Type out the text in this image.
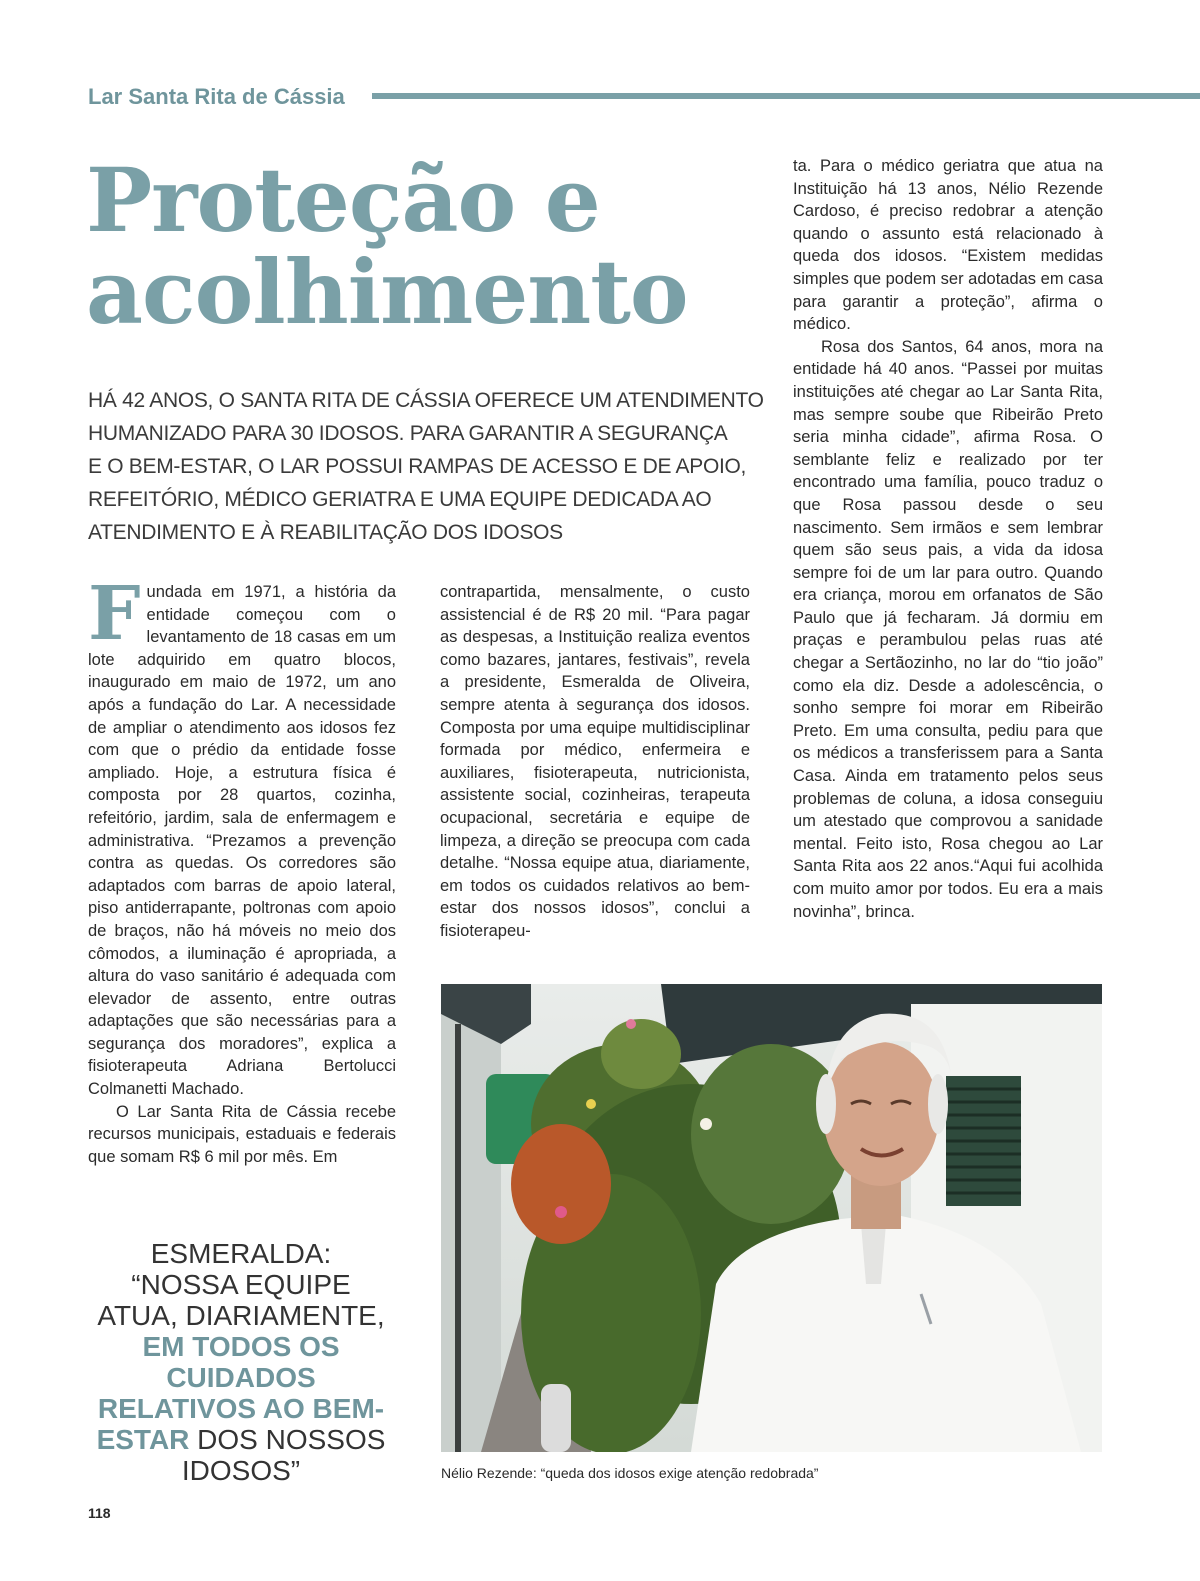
Lar Santa Rita de Cássia
Proteção e
acolhimento
HÁ 42 ANOS, O SANTA RITA DE CÁSSIA OFERECE UM ATENDIMENTO
HUMANIZADO PARA 30 IDOSOS. PARA GARANTIR A SEGURANÇA
E O BEM-ESTAR, O LAR POSSUI RAMPAS DE ACESSO E DE APOIO,
REFEITÓRIO, MÉDICO GERIATRA E UMA EQUIPE DEDICADA AO
ATENDIMENTO E À REABILITAÇÃO DOS IDOSOS

Fundada em 1971, a história da entidade começou com o levantamento de 18 casas em um lote adquirido em quatro blocos, inaugurado em maio de 1972, um ano após a fundação do Lar. A necessidade de ampliar o atendimento aos idosos fez com que o prédio da entidade fosse ampliado. Hoje, a estrutura física é composta por 28 quartos, cozinha, refeitório, jardim, sala de enfermagem e administrativa. “Prezamos a prevenção contra as quedas. Os corredores são adaptados com barras de apoio lateral, piso antiderrapante, poltronas com apoio de braços, não há móveis no meio dos cômodos, a iluminação é apropriada, a altura do vaso sanitário é adequada com elevador de assento, entre outras adaptações que são necessárias para a segurança dos moradores”, explica a fisioterapeuta Adriana Bertolucci Colmanetti Machado.

O Lar Santa Rita de Cássia recebe recursos municipais, estaduais e federais que somam R$ 6 mil por mês. Em

contrapartida, mensalmente, o custo assistencial é de R$ 20 mil. “Para pagar as despesas, a Instituição realiza eventos como bazares, jantares, festivais”, revela a presidente, Esmeralda de Oliveira, sempre atenta à segurança dos idosos. Composta por uma equipe multidisciplinar formada por médico, enfermeira e auxiliares, fisioterapeuta, nutricionista, assistente social, cozinheiras, terapeuta ocupacional, secretária e equipe de limpeza, a direção se preocupa com cada detalhe. “Nossa equipe atua, diariamente, em todos os cuidados relativos ao bem-estar dos nossos idosos”, conclui a fisioterapeu-

ta. Para o médico geriatra que atua na Instituição há 13 anos, Nélio Rezende Cardoso, é preciso redobrar a atenção quando o assunto está relacionado à queda dos idosos. “Existem medidas simples que podem ser adotadas em casa para garantir a proteção”, afirma o médico.

Rosa dos Santos, 64 anos, mora na entidade há 40 anos. “Passei por muitas instituições até chegar ao Lar Santa Rita, mas sempre soube que Ribeirão Preto seria minha cidade”, afirma Rosa. O semblante feliz e realizado por ter encontrado uma família, pouco traduz o que Rosa passou desde o seu nascimento. Sem irmãos e sem lembrar quem são seus pais, a vida da idosa sempre foi de um lar para outro. Quando era criança, morou em orfanatos de São Paulo que já fecharam. Já dormiu em praças e perambulou pelas ruas até chegar a Sertãozinho, no lar do “tio joão” como ela diz. Desde a adolescência, o sonho sempre foi morar em Ribeirão Preto. Em uma consulta, pediu para que os médicos a transferissem para a Santa Casa. Ainda em tratamento pelos seus problemas de coluna, a idosa conseguiu um atestado que comprovou a sanidade mental. Feito isto, Rosa chegou ao Lar Santa Rita aos 22 anos.“Aqui fui acolhida com muito amor por todos. Eu era a mais novinha”, brinca.

ESMERALDA: “NOSSA EQUIPE ATUA, DIARIAMENTE, EM TODOS OS CUIDADOS RELATIVOS AO BEM-ESTAR DOS NOSSOS IDOSOS”	Nélio Rezende: “queda dos idosos exige atenção redobrada”
118
